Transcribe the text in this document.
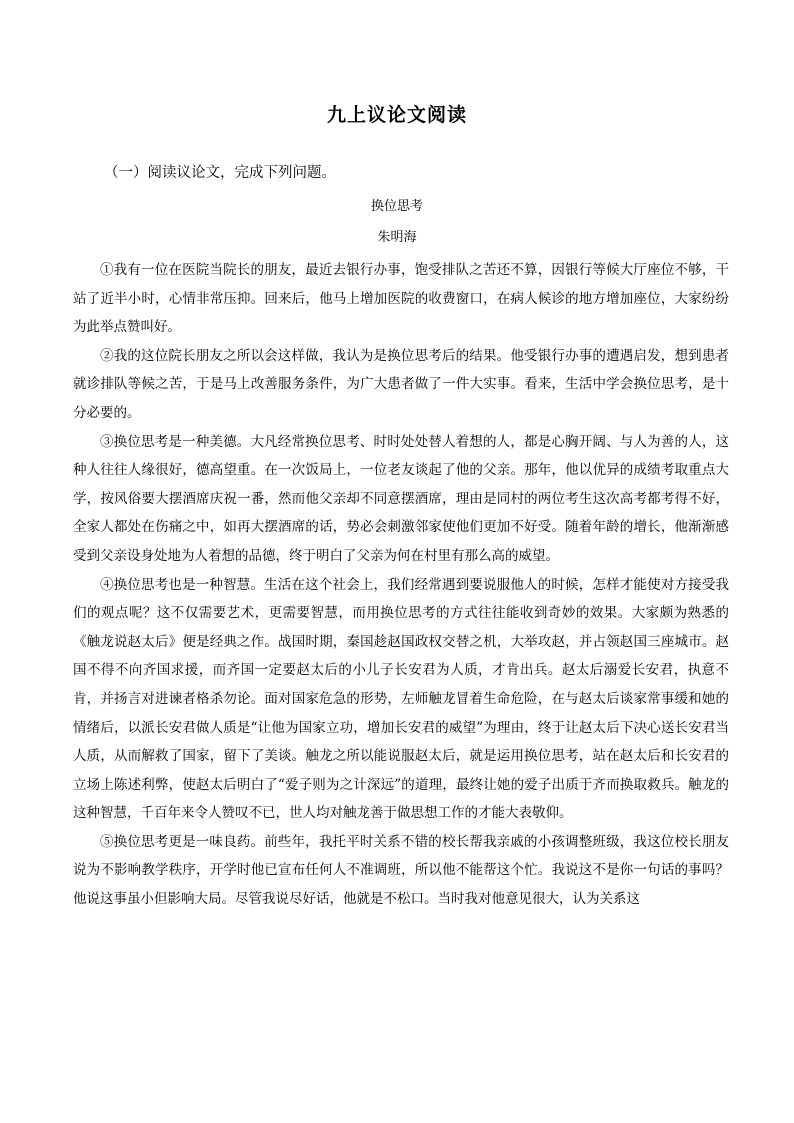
九上议论文阅读
（一）阅读议论文，完成下列问题。
换位思考
朱明海

①我有一位在医院当院长的朋友，最近去银行办事，饱受排队之苦还不算，因银行等候大厅座位不够，干站了近半小时，心情非常压抑。回来后，他马上增加医院的收费窗口，在病人候诊的地方增加座位，大家纷纷为此举点赞叫好。

②我的这位院长朋友之所以会这样做，我认为是换位思考后的结果。他受银行办事的遭遇启发，想到患者就诊排队等候之苦，于是马上改善服务条件，为广大患者做了一件大实事。看来，生活中学会换位思考，是十分必要的。

③换位思考是一种美德。大凡经常换位思考、时时处处替人着想的人，都是心胸开阔、与人为善的人，这种人往往人缘很好，德高望重。在一次饭局上，一位老友谈起了他的父亲。那年，他以优异的成绩考取重点大学，按风俗要大摆酒席庆祝一番，然而他父亲却不同意摆酒席，理由是同村的两位考生这次高考都考得不好，全家人都处在伤痛之中，如再大摆酒席的话，势必会刺激邻家使他们更加不好受。随着年龄的增长，他渐渐感受到父亲设身处地为人着想的品德，终于明白了父亲为何在村里有那么高的威望。

④换位思考也是一种智慧。生活在这个社会上，我们经常遇到要说服他人的时候，怎样才能使对方接受我们的观点呢？这不仅需要艺术，更需要智慧，而用换位思考的方式往往能收到奇妙的效果。大家颇为熟悉的《触龙说赵太后》便是经典之作。战国时期，秦国趁赵国政权交替之机，大举攻赵，并占领赵国三座城市。赵国不得不向齐国求援，而齐国一定要赵太后的小儿子长安君为人质，才肯出兵。赵太后溺爱长安君，执意不肯，并扬言对进谏者格杀勿论。面对国家危急的形势，左师触龙冒着生命危险，在与赵太后谈家常事缓和她的情绪后，以派长安君做人质是“让他为国家立功，增加长安君的威望”为理由，终于让赵太后下决心送长安君当人质，从而解救了国家，留下了美谈。触龙之所以能说服赵太后，就是运用换位思考，站在赵太后和长安君的立场上陈述利弊，使赵太后明白了“爱子则为之计深远”的道理，最终让她的爱子出质于齐而换取救兵。触龙的这种智慧，千百年来令人赞叹不已，世人均对触龙善于做思想工作的才能大表敬仰。

⑤换位思考更是一味良药。前些年，我托平时关系不错的校长帮我亲戚的小孩调整班级，我这位校长朋友说为不影响教学秩序，开学时他已宣布任何人不准调班，所以他不能帮这个忙。我说这不是你一句话的事吗？他说这事虽小但影响大局。尽管我说尽好话，他就是不松口。当时我对他意见很大，认为关系这
